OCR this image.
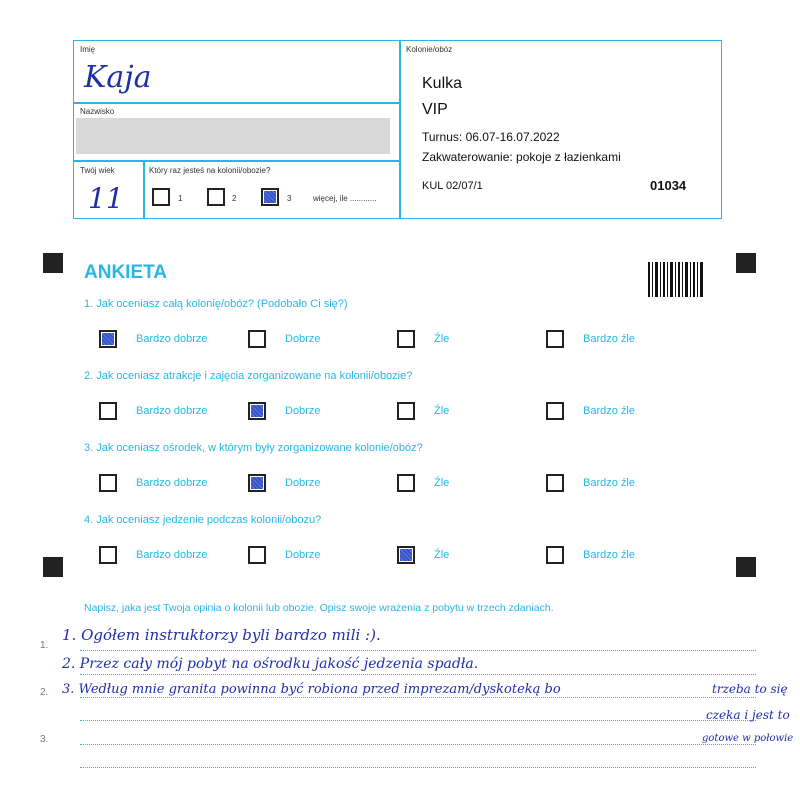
Imię
Kaja
Nazwisko
Twój wiek
11
Który raz jesteś na kolonii/obozie?
1	2	3	więcej, ile ............
Kolonie/obóz
Kulka
VIP
Turnus: 06.07-16.07.2022
Zakwaterowanie: pokoje z łazienkami
KUL 02/07/1	01034
ANKIETA
1. Jak oceniasz całą kolonię/obóz? (Podobało Ci się?)
2. Jak oceniasz atrakcje i zajęcia zorganizowane na kolonii/obozie?
3. Jak oceniasz ośrodek, w którym były zorganizowane kolonie/obóz?
4. Jak oceniasz jedzenie podczas kolonii/obozu?
Bardzo dobrze	Dobrze	Źle	Bardzo źle
Bardzo dobrze	Dobrze	Źle	Bardzo źle
Bardzo dobrze	Dobrze	Źle	Bardzo źle
Bardzo dobrze	Dobrze	Źle	Bardzo źle
Napisz, jaka jest Twoja opinia o kolonii lub obozie. Opisz swoje wrażenia z pobytu w trzech zdaniach.
1.
2.
3.
1. Ogółem instruktorzy byli bardzo mili :).
2. Przez cały mój pobyt na ośrodku jakość jedzenia spadła.
3. Według mnie granita powinna być robiona przed imprezam/dyskoteką bo	trzeba to się
czeka i jest to
gotowe w połowie
